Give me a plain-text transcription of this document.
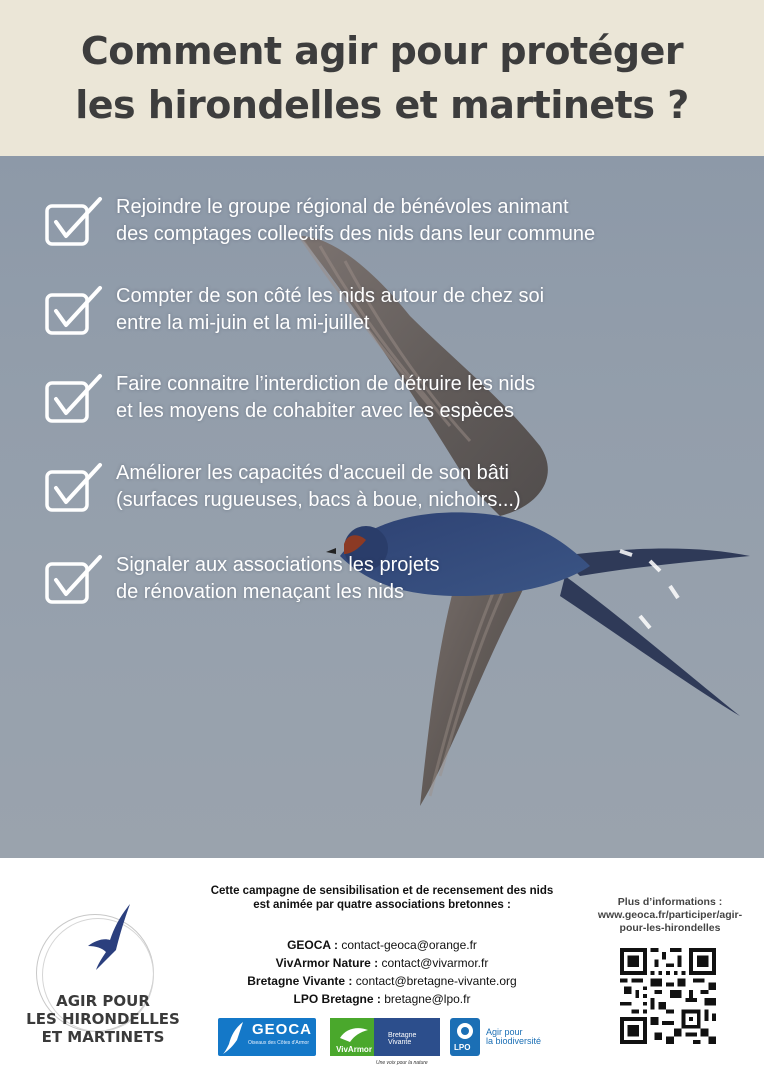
Comment agir pour protéger
les hirondelles et martinets ?
Rejoindre le groupe régional de bénévoles animant
des comptages collectifs des nids dans leur commune
Compter de son côté les nids autour de chez soi
entre la mi-juin et la mi-juillet
Faire connaitre l’interdiction de détruire les nids
et les moyens de cohabiter avec les espèces
Améliorer les capacités d'accueil de son bâti
(surfaces rugueuses, bacs à boue, nichoirs...)
Signaler aux associations les projets
de rénovation menaçant les nids
AGIR POUR
LES HIRONDELLES
ET MARTINETS
Cette campagne de sensibilisation et de recensement des nids
est animée par quatre associations bretonnes :
GEOCA : contact-geoca@orange.fr
VivArmor Nature : contact@vivarmor.fr
Bretagne Vivante : contact@bretagne-vivante.org
LPO Bretagne : bretagne@lpo.fr
GEOCA
Oiseaux des Côtes d'Armor
VivArmor
Bretagne Vivante
Une voix pour la nature
LPO
Agir pour
la biodiversité
Plus d’informations :
www.geoca.fr/participer/agir-
pour-les-hirondelles
